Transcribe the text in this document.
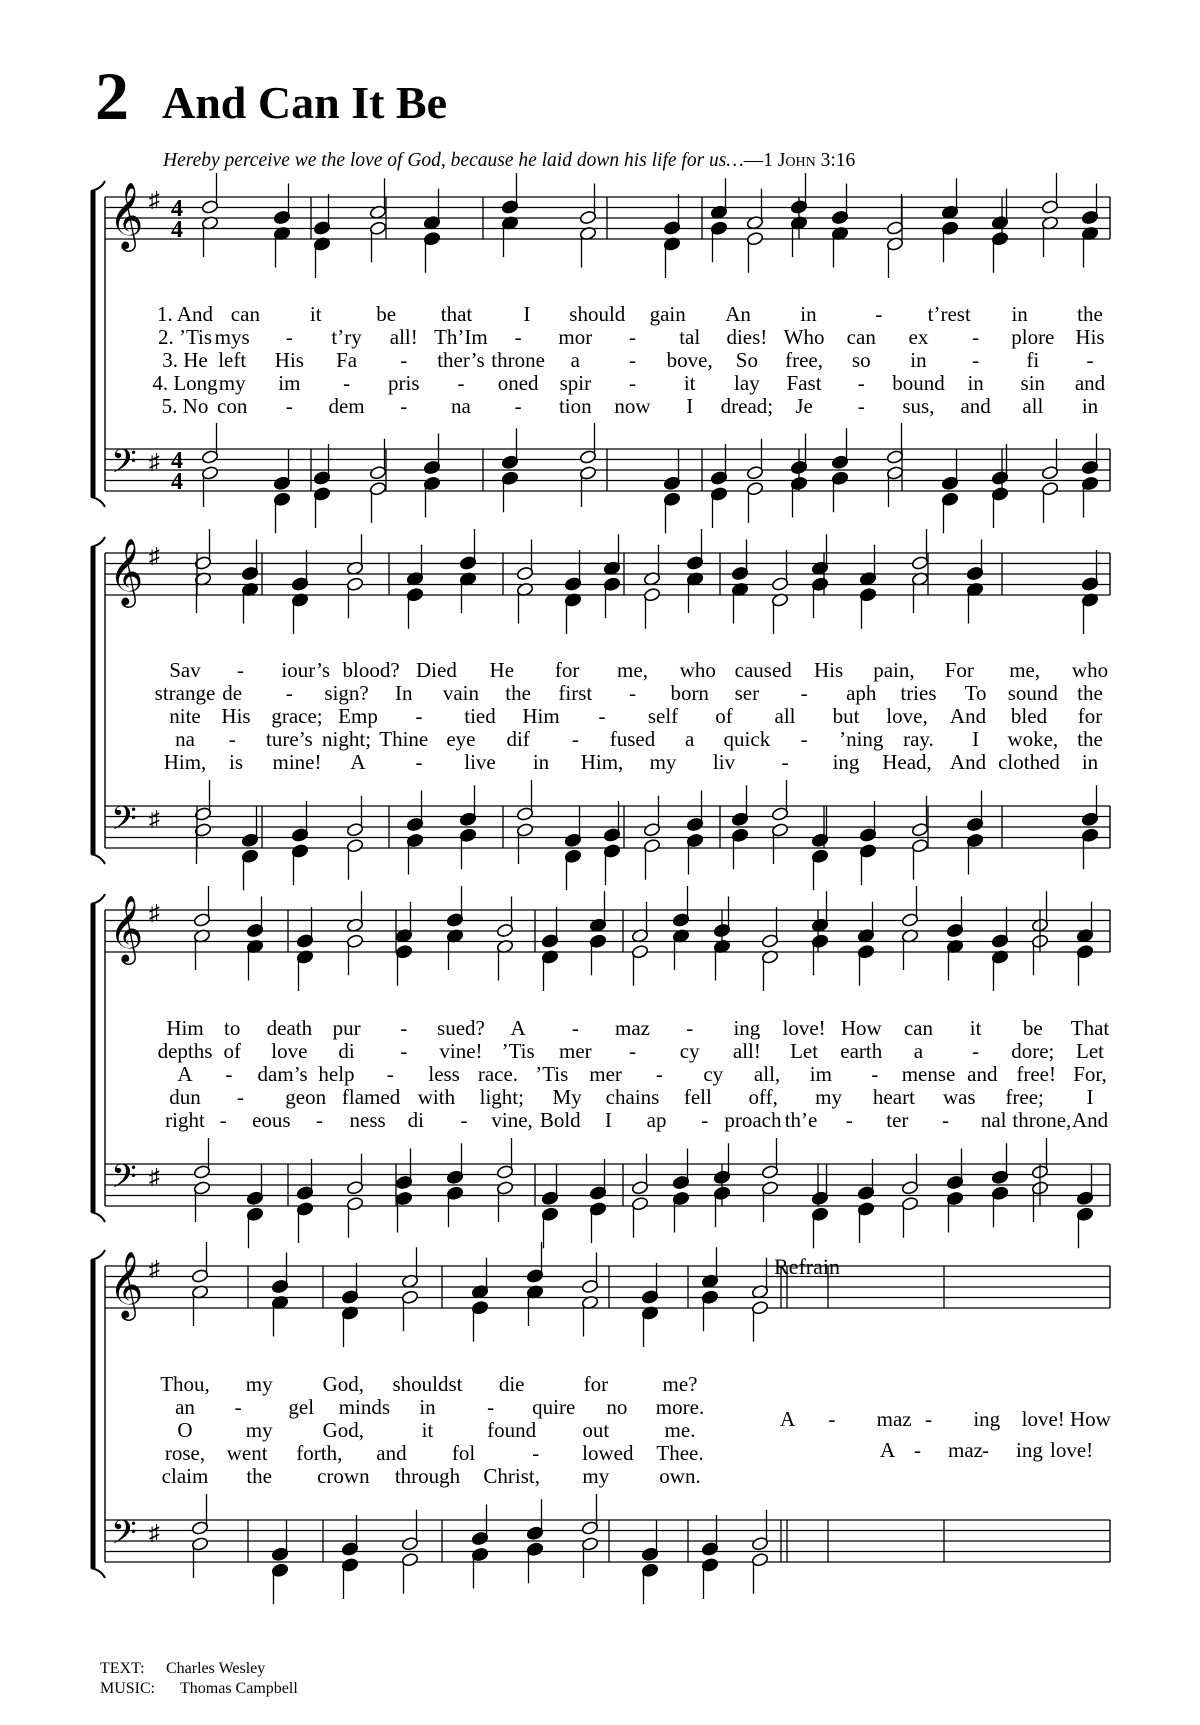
2 And Can It Be
Hereby perceive we the love of God, because he laid down his life for us…—1 John 3:16
𝄞
𝄢
♯
♯
4
4
4
4
𝄞
𝄢
♯
♯
𝄞
𝄢
♯
♯
𝄞
𝄢
♯
♯
1. And can it	be that I should gain An in	- t’rest in the
2. ’Tis mys - t’ry all! Th’Im - mor - tal dies! Who can ex - plore His
3. He left His Fa - ther’s throne a - bove, So free, so in - fi -
4. Long my im - pris - oned spir - it lay Fast - bound in sin and
5. No con - dem - na - tion now I dread; Je - sus, and all in
Sav - iour’s blood? Died He for me, who caused His pain, For me, who
strange de - sign? In vain the first - born ser - aph tries To sound the
nite His grace; Emp - tied Him - self of all but love, And bled for
na - ture’s night; Thine eye dif - fused a quick - ’ning ray. I woke, the
Him, is mine! A - live in Him, my liv - ing Head, And clothed in
Him to death pur - sued? A - maz - ing love! How can it be That
depths of love di - vine! ’Tis mer - cy all! Let earth a - dore; Let
A - dam’s help - less race. ’Tis mer - cy all, im - mense and free! For,
dun - geon flamed with light; My chains fell off, my heart was free; I
right - eous - ness di - vine, Bold I ap - proach th’e - ter - nal throne, And
Thou, my God, shouldst die	for	me?
an - gel minds in - quire no more.
O	my God,	it	found out	me.
rose, went forth, and fol	- lowed Thee.
claim the crown through Christ, my own.
Refrain
A - maz - ing love! How
A - maz - ing love!
TEXT: Charles Wesley
MUSIC: Thomas Campbell
